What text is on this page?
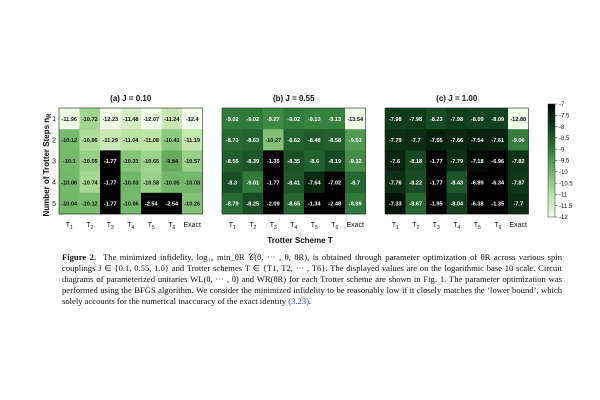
(a) J = 0.10
-11.96 -10.72 -12.23 -11.48 -12.07 -11.24 -12.4
-10.12 -10.86 -11.29 -11.04 -11.08 -10.41 -11.19
-10.1 -10.55 -1.77 -10.31 -10.65 -9.84 -10.57
-10.06 -10.74 -1.77 -10.03 -10.58 -10.05 -10.08
-10.04 -10.12 -1.77 -10.06 -2.54 -2.54 -10.26
$T_1$ $T_2$ $T_3$ $T_4$ $T_5$ $T_6$ Exact
1
2
3
4
5
(b) J = 0.55
-9.02 -9.02 -9.27 -9.02 -9.13 -9.13 -13.54
-8.73 -8.63 -10.27 -8.62 -8.48 -8.58 -9.53
-8.55 -8.39 -1.35 -8.35 -8.6 -8.19 -9.32
-8.3 -9.01 -1.77 -8.41 -7.64 -7.02 -8.7
-8.79 -8.25 -2.09 -8.65 -1.34 -2.48 -8.99
$T_1$ $T_2$ $T_3$ $T_4$ $T_5$ $T_6$ Exact
(c) J = 1.00
-7.98 -7.98 -8.23 -7.98 -8.09 -8.09 -12.88
-7.79 -7.7 -7.55 -7.66 -7.54 -7.61 -9.06
-7.6 -8.18 -1.77 -7.79 -7.18 -6.96 -7.82
-7.76 -8.22 -1.77 -8.43 -6.89 -6.34 -7.87
-7.33 -8.67 -1.95 -8.04 -6.38 -1.35 -7.7
$T_1$ $T_2$ $T_3$ $T_4$ $T_5$ $T_6$ Exact
Number of Trotter Steps $n_R$
Trotter Scheme T
-7
-7.5
-8
-8.5
-9
-9.5
-10
-10.5
-11
-11.5
-12
Figure 2. The minimized infidelity, log₁₀ min_θR 𝒞(θ, ··· , θ, θR), is obtained through parameter optimization of θR across various spin couplings J ∈ {0.1, 0.55, 1.0} and Trotter schemes T ∈ {T1, T2, ··· , T6}. The displayed values are on the logarithmic base 10 scale. Circuit diagrams of parameterized unitaries WL(θ, ··· , θ) and WR(θR) for each Trotter scheme are shown in Fig. 1. The parameter optimization was performed using the BFGS algorithm. We consider the minimized infidelity to be reasonably low if it closely matches the ‘lower bound’, which solely accounts for the numerical inaccuracy of the exact identity (3.23).
